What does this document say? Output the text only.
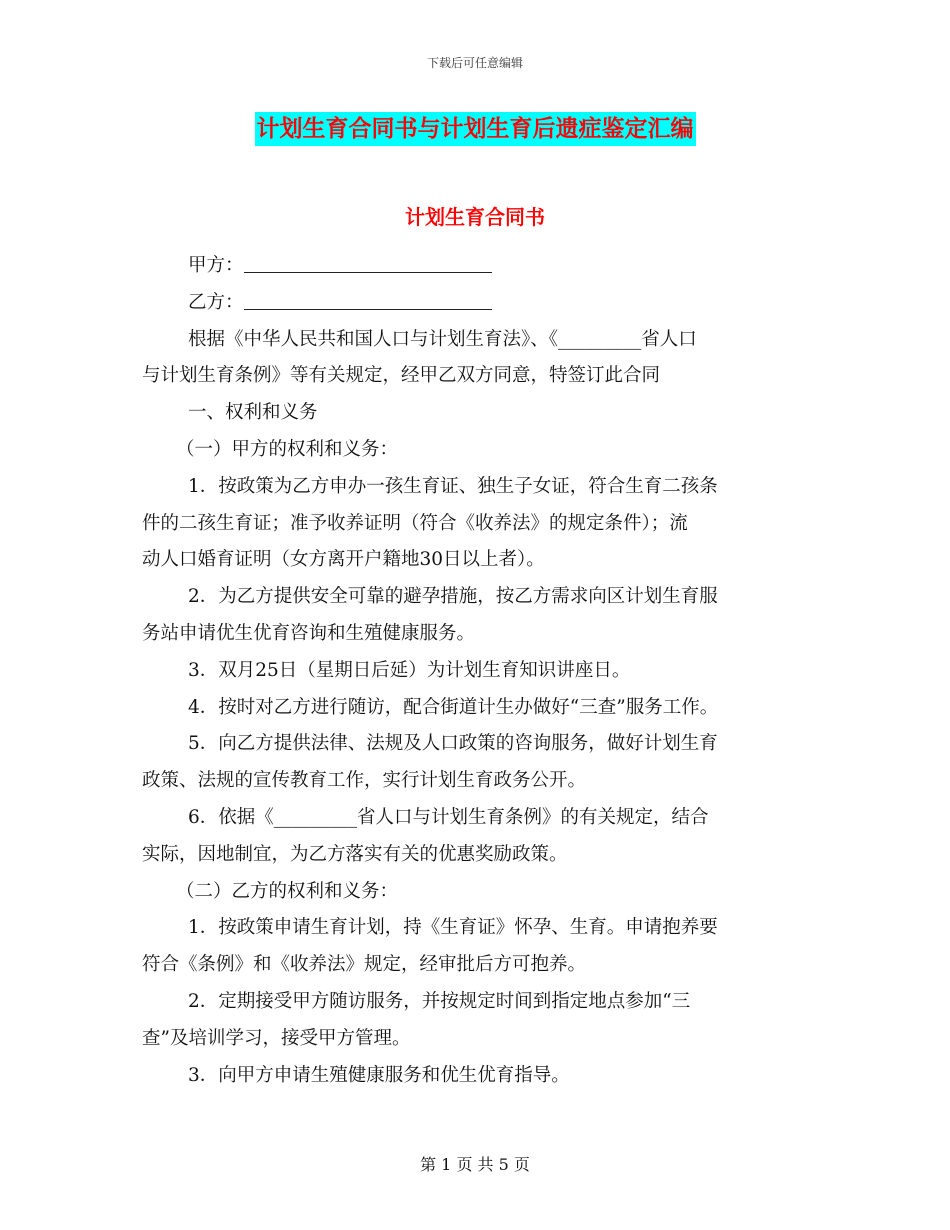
下载后可任意编辑
计划生育合同书与计划生育后遗症鉴定汇编
计划生育合同书

甲方：

乙方：

根据《中华人民共和国人口与计划生育法》、《_________省人口

与计划生育条例》等有关规定，经甲乙双方同意，特签订此合同

一、权利和义务

（一）甲方的权利和义务：

1．按政策为乙方申办一孩生育证、独生子女证，符合生育二孩条

件的二孩生育证；准予收养证明（符合《收养法》的规定条件）；流

动人口婚育证明（女方离开户籍地30日以上者）。

2．为乙方提供安全可靠的避孕措施，按乙方需求向区计划生育服

务站申请优生优育咨询和生殖健康服务。

3．双月25日（星期日后延）为计划生育知识讲座日。

4．按时对乙方进行随访，配合街道计生办做好“三查”服务工作。

5．向乙方提供法律、法规及人口政策的咨询服务，做好计划生育

政策、法规的宣传教育工作，实行计划生育政务公开。

6．依据《_________省人口与计划生育条例》的有关规定，结合

实际，因地制宜，为乙方落实有关的优惠奖励政策。

（二）乙方的权利和义务：

1．按政策申请生育计划，持《生育证》怀孕、生育。申请抱养要

符合《条例》和《收养法》规定，经审批后方可抱养。

2．定期接受甲方随访服务，并按规定时间到指定地点参加“三

查”及培训学习，接受甲方管理。

3．向甲方申请生殖健康服务和优生优育指导。

第 1 页 共 5 页
